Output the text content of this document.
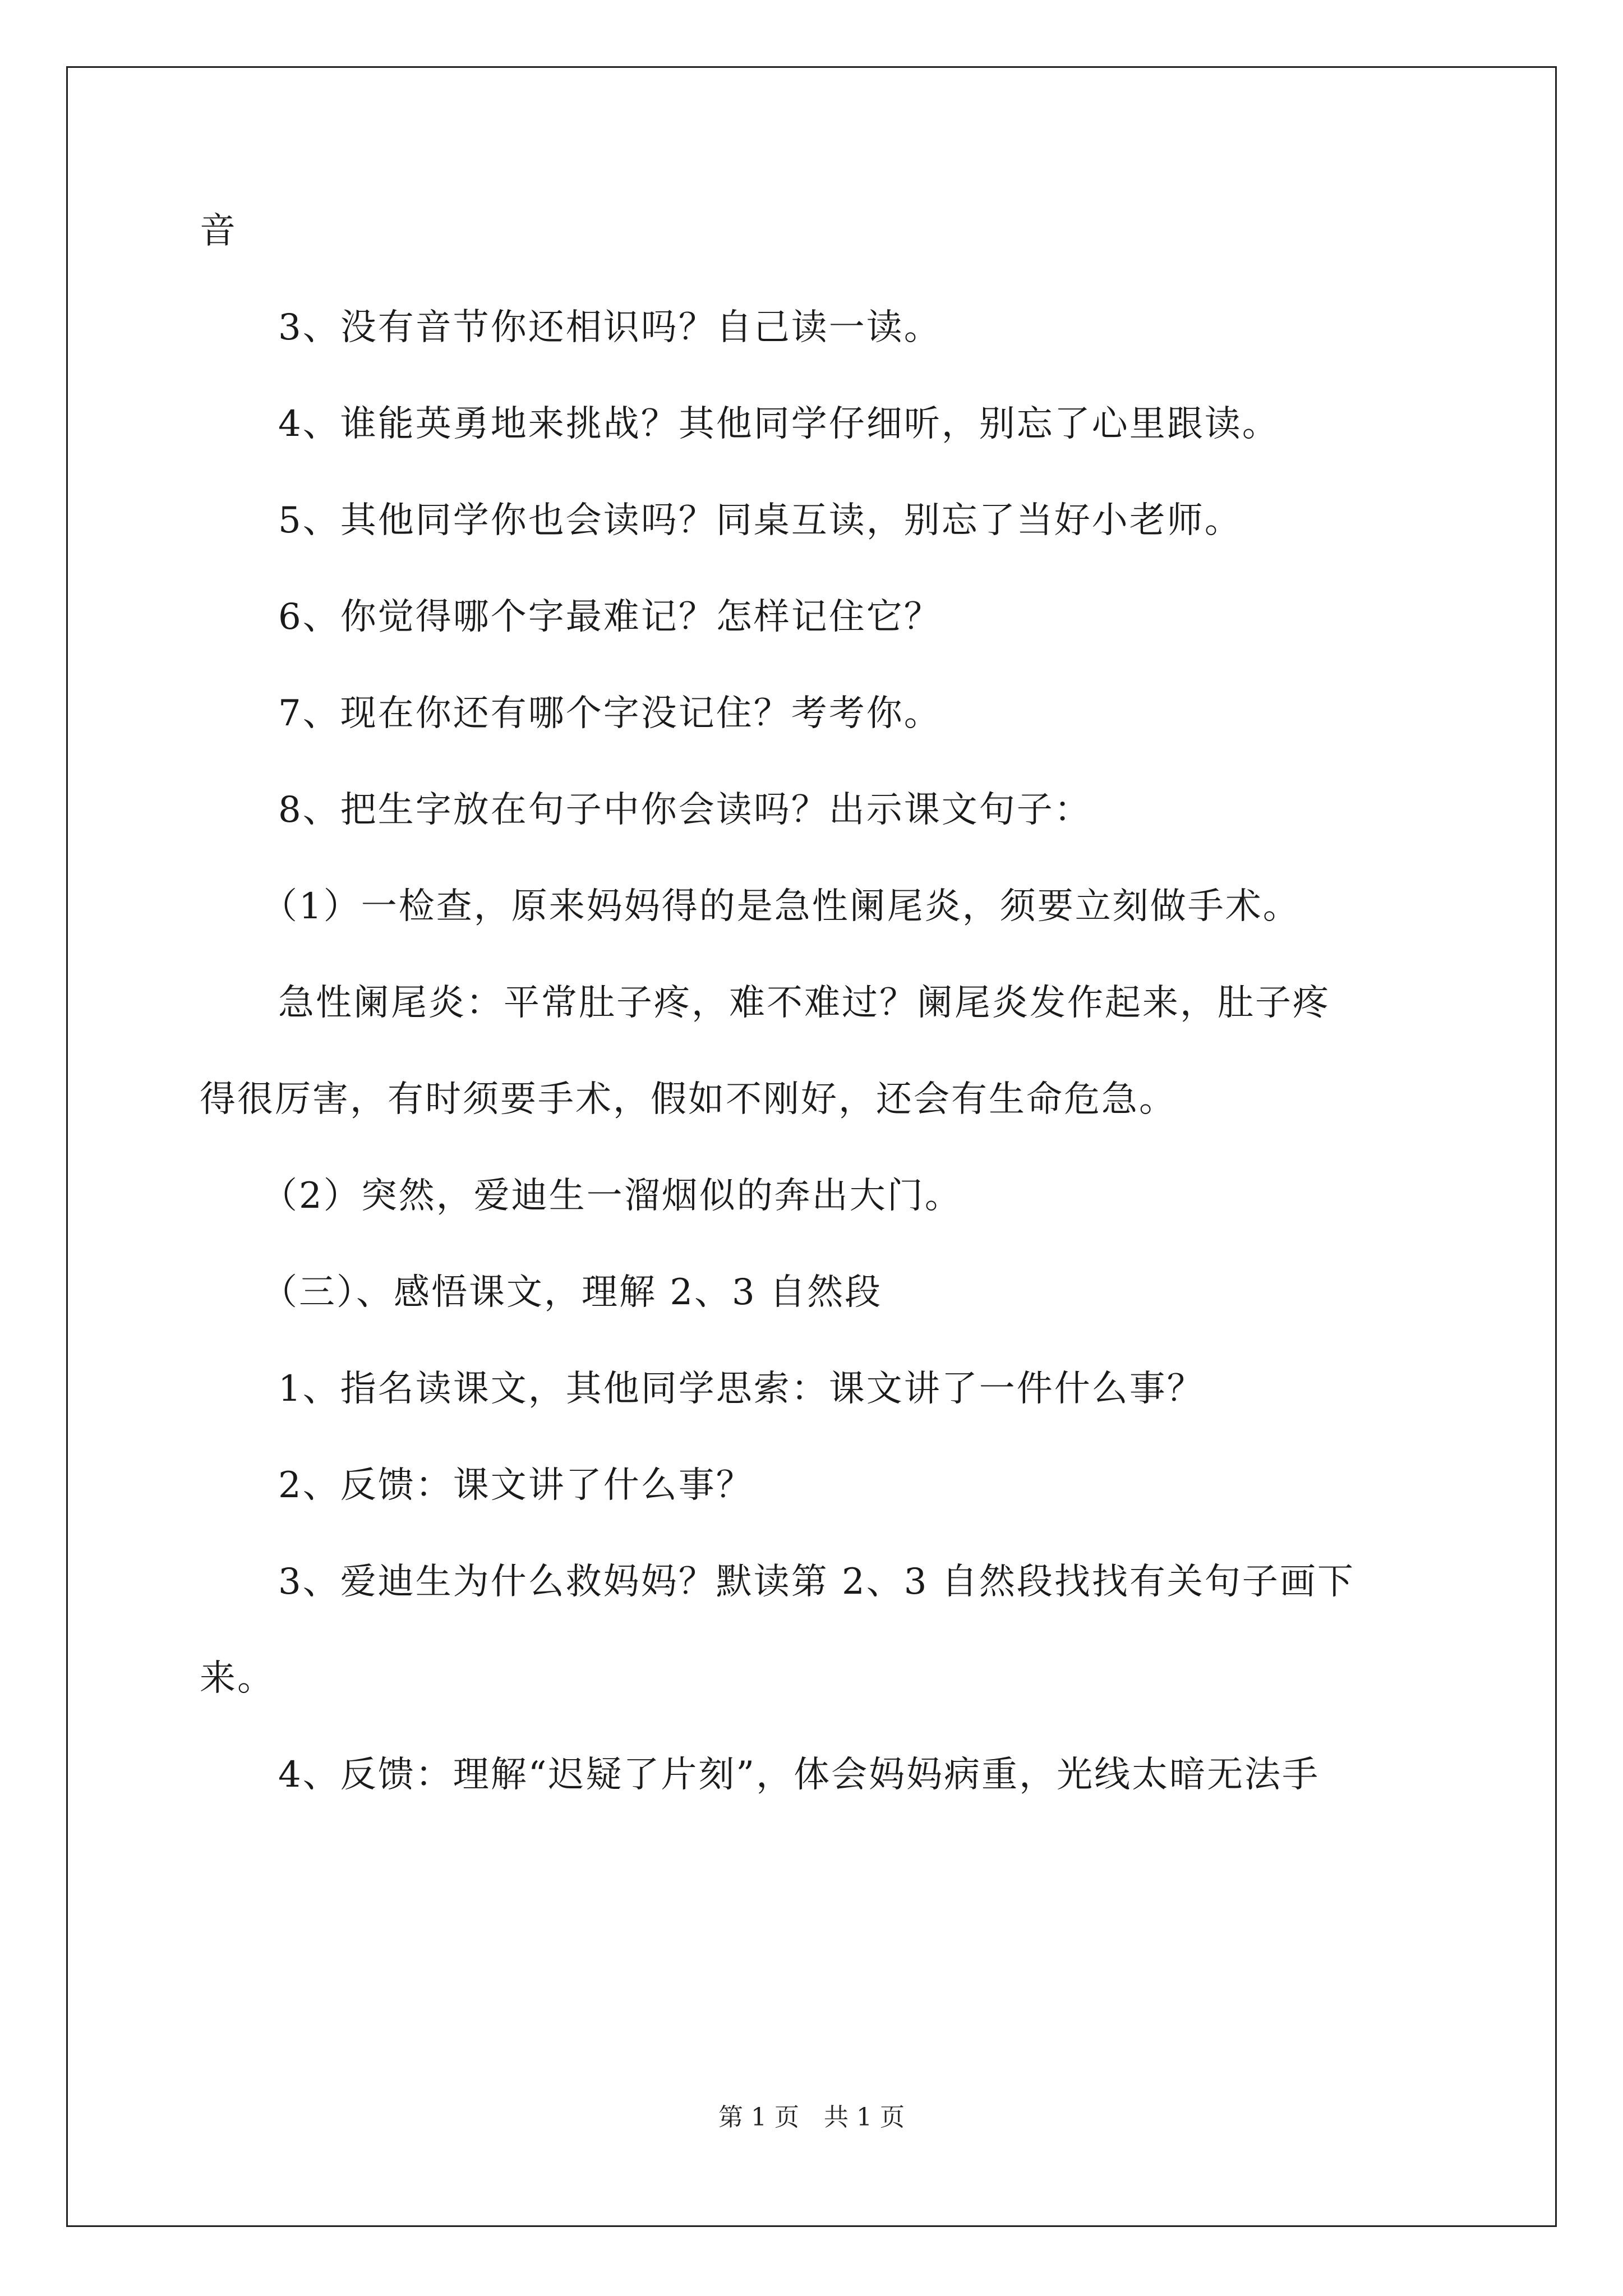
音
3、没有音节你还相识吗？自己读一读。
4、谁能英勇地来挑战？其他同学仔细听，别忘了心里跟读。
5、其他同学你也会读吗？同桌互读，别忘了当好小老师。
6、你觉得哪个字最难记？怎样记住它？
7、现在你还有哪个字没记住？考考你。
8、把生字放在句子中你会读吗？出示课文句子：
（1）一检查，原来妈妈得的是急性阑尾炎，须要立刻做手术。
急性阑尾炎：平常肚子疼，难不难过？阑尾炎发作起来，肚子疼
得很厉害，有时须要手术，假如不刚好，还会有生命危急。
（2）突然，爱迪生一溜烟似的奔出大门。
（三）、感悟课文，理解 2、3 自然段
1、指名读课文，其他同学思索：课文讲了一件什么事？
2、反馈：课文讲了什么事？
3、爱迪生为什么救妈妈？默读第 2、3 自然段找找有关句子画下
来。
4、反馈：理解“迟疑了片刻”，体会妈妈病重，光线太暗无法手
第 1 页　共 1 页
